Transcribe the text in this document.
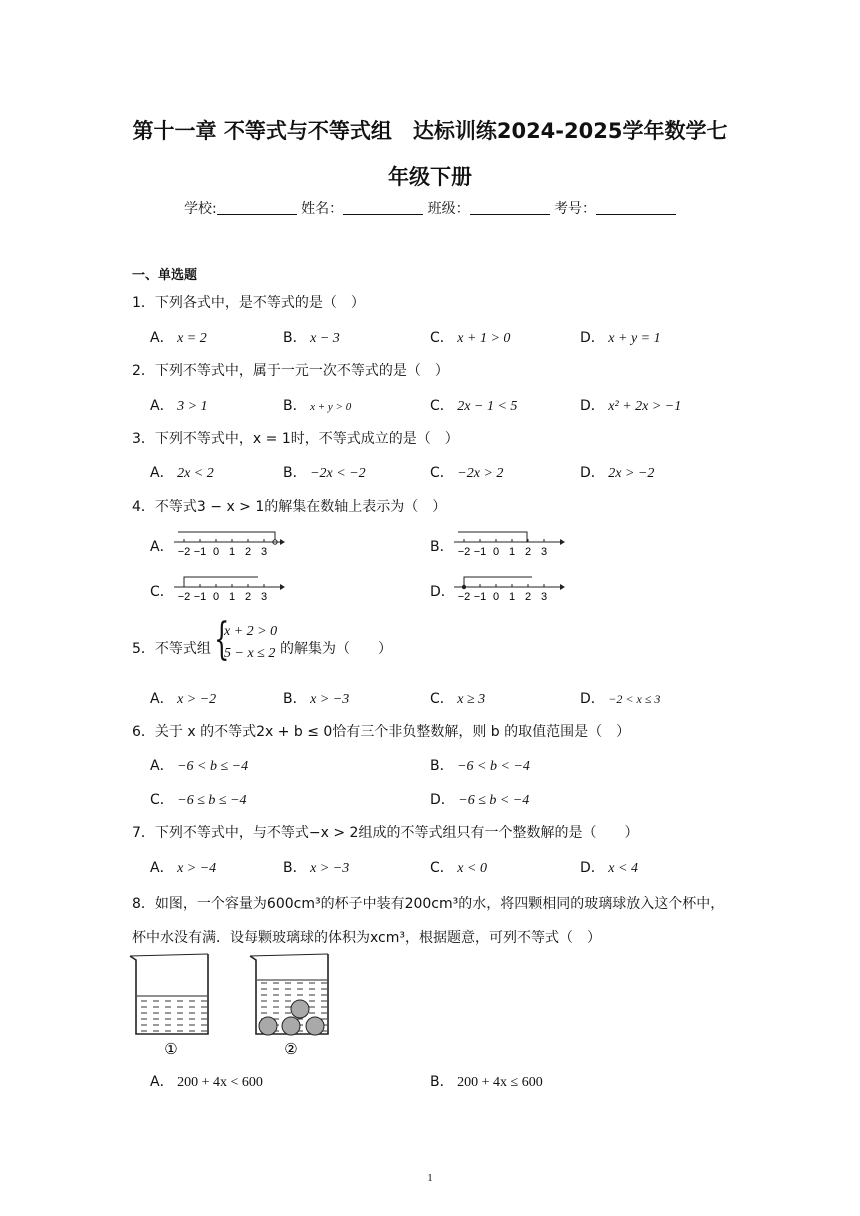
第十一章 不等式与不等式组　达标训练2024-2025学年数学七
年级下册
学校:	姓名：	班级：	考号：
一、单选题
1．下列各式中，是不等式的是（　）
A． x = 2	B． x − 3	C． x + 1 > 0	D． x + y = 1
2．下列不等式中，属于一元一次不等式的是（　）
A． 3 > 1	B． x + y > 0	C． 2x − 1 < 5	D． x² + 2x > −1
3．下列不等式中，x = 1时，不等式成立的是（　）
A． 2x < 2	B． −2x < −2	C． −2x > 2	D． 2x > −2
4．不等式3 − x > 1的解集在数轴上表示为（　）
A． −2 −1 0 1 2 3	B． −2 −1 0 1 2 3
C． −2 −1 0 1 2 3	D． −2 −1 0 1 2 3
5．不等式组 {
x + 2 > 0
5 − x ≤ 2 的解集为（　　）
A． x > −2	B． x > −3	C． x ≥ 3	D． −2 < x ≤ 3
6．关于 x 的不等式2x + b ≤ 0恰有三个非负整数解，则 b 的取值范围是（　）
A． −6 < b ≤ −4	B． −6 < b < −4
C． −6 ≤ b ≤ −4	D． −6 ≤ b < −4
7．下列不等式中，与不等式−x > 2组成的不等式组只有一个整数解的是（　　）
A． x > −4	B． x > −3	C． x < 0	D． x < 4
8．如图，一个容量为600cm³的杯子中装有200cm³的水，将四颗相同的玻璃球放入这个杯中，
杯中水没有满．设每颗玻璃球的体积为xcm³，根据题意，可列不等式（　）
①	②
A． 200 + 4x < 600	B． 200 + 4x ≤ 600
1
